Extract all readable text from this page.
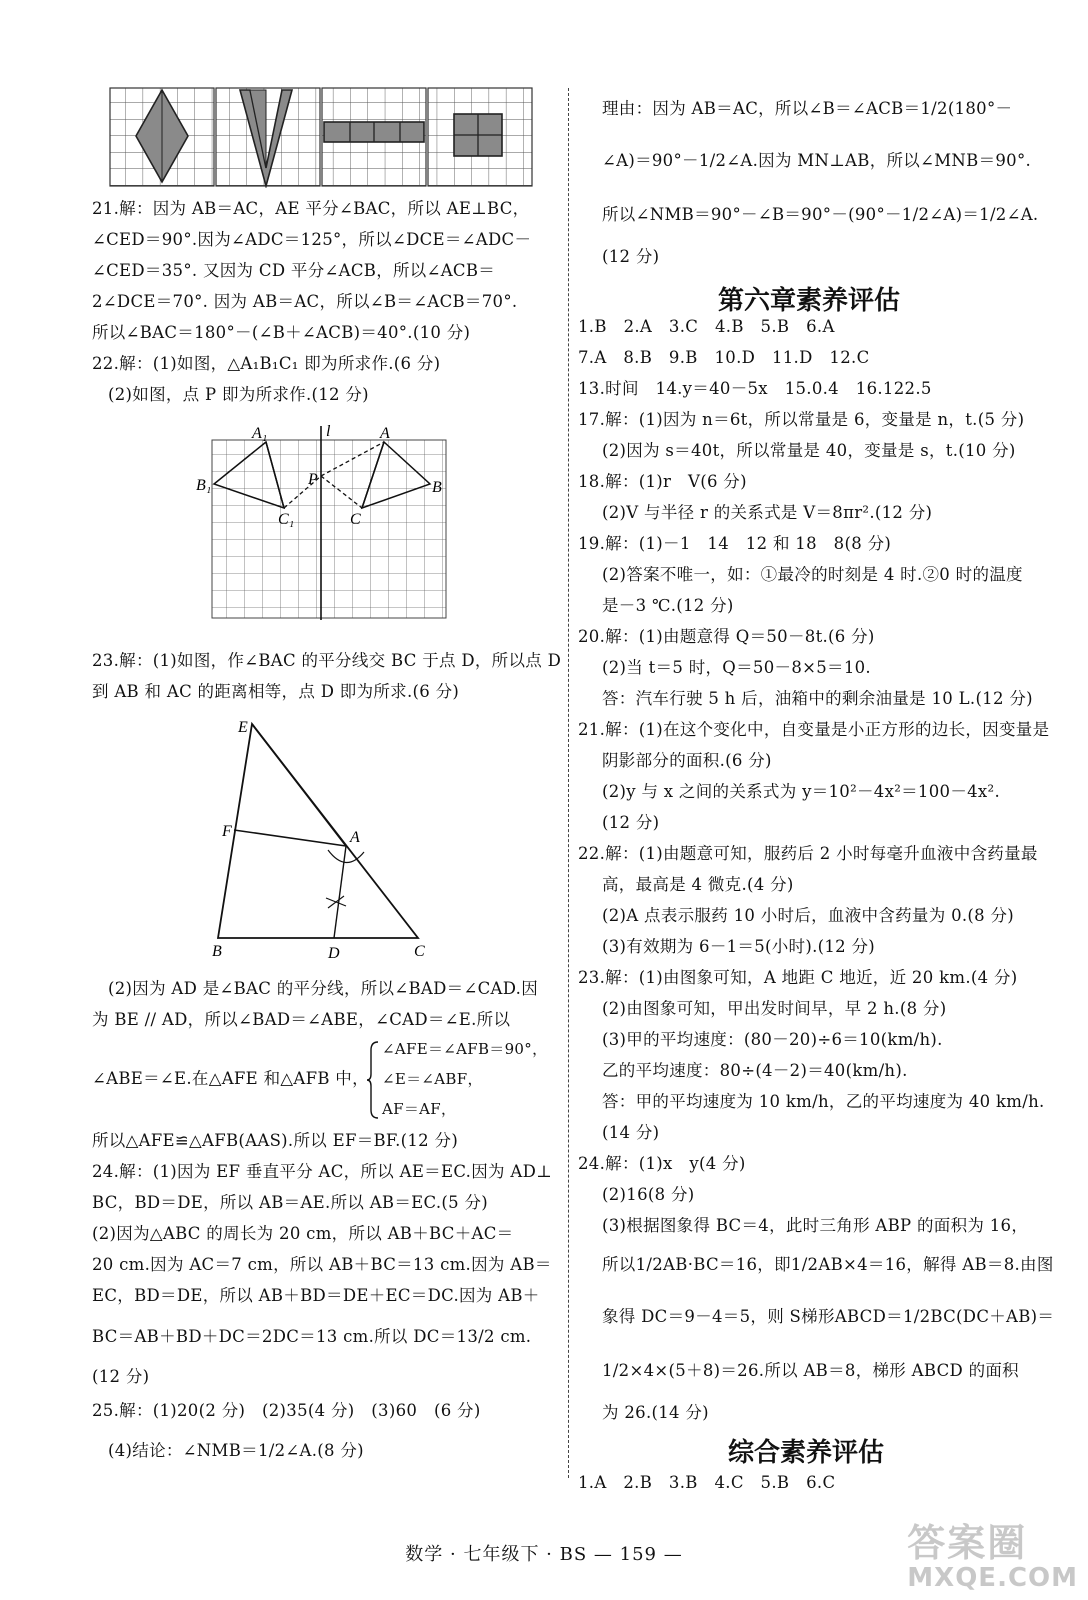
21.解：因为 AB＝AC，AE 平分∠BAC，所以 AE⊥BC，
∠CED＝90°.因为∠ADC＝125°，所以∠DCE＝∠ADC－
∠CED＝35°. 又因为 CD 平分∠ACB，所以∠ACB＝
2∠DCE＝70°. 因为 AB＝AC，所以∠B＝∠ACB＝70°.
所以∠BAC＝180°－(∠B＋∠ACB)＝40°.(10 分)
22.解：(1)如图，△A₁B₁C₁ 即为所求作.(6 分)
(2)如图，点 P 即为所求作.(12 分)
A₁	l	A
B₁	P	B
C₁	C
23.解：(1)如图，作∠BAC 的平分线交 BC 于点 D，所以点 D
到 AB 和 AC 的距离相等，点 D 即为所求.(6 分)
E
F	A
B	D	C
(2)因为 AD 是∠BAC 的平分线，所以∠BAD＝∠CAD.因
为 BE // AD，所以∠BAD＝∠ABE，∠CAD＝∠E.所以
∠ABE＝∠E.在△AFE 和△AFB 中，
∠AFE＝∠AFB＝90°，
∠E＝∠ABF，
AF＝AF，
所以△AFE≌△AFB(AAS).所以 EF＝BF.(12 分)
24.解：(1)因为 EF 垂直平分 AC，所以 AE＝EC.因为 AD⊥
BC，BD＝DE，所以 AB＝AE.所以 AB＝EC.(5 分)
(2)因为△ABC 的周长为 20 cm，所以 AB＋BC＋AC＝
20 cm.因为 AC＝7 cm，所以 AB＋BC＝13 cm.因为 AB＝
EC，BD＝DE，所以 AB＋BD＝DE＋EC＝DC.因为 AB＋
BC＝AB＋BD＋DC＝2DC＝13 cm.所以 DC＝13/2 cm.
(12 分)
25.解：(1)20(2 分)　(2)35(4 分)　(3)60　(6 分)
(4)结论：∠NMB＝1/2∠A.(8 分)
理由：因为 AB＝AC，所以∠B＝∠ACB＝1/2(180°－
∠A)＝90°－1/2∠A.因为 MN⊥AB，所以∠MNB＝90°.
所以∠NMB＝90°－∠B＝90°－(90°－1/2∠A)＝1/2∠A.
(12 分)
第六章素养评估
1.B　2.A　3.C　4.B　5.B　6.A
7.A　8.B　9.B　10.D　11.D　12.C
13.时间　14.y＝40－5x　15.0.4　16.122.5
17.解：(1)因为 n＝6t，所以常量是 6，变量是 n，t.(5 分)
(2)因为 s＝40t，所以常量是 40，变量是 s，t.(10 分)
18.解：(1)r　V(6 分)
(2)V 与半径 r 的关系式是 V＝8πr².(12 分)
19.解：(1)－1　14　12 和 18　8(8 分)
(2)答案不唯一，如：①最冷的时刻是 4 时.②0 时的温度
是－3 ℃.(12 分)
20.解：(1)由题意得 Q＝50－8t.(6 分)
(2)当 t＝5 时，Q＝50－8×5＝10.
答：汽车行驶 5 h 后，油箱中的剩余油量是 10 L.(12 分)
21.解：(1)在这个变化中，自变量是小正方形的边长，因变量是
阴影部分的面积.(6 分)
(2)y 与 x 之间的关系式为 y＝10²－4x²＝100－4x².
(12 分)
22.解：(1)由题意可知，服药后 2 小时每毫升血液中含药量最
高，最高是 4 微克.(4 分)
(2)A 点表示服药 10 小时后，血液中含药量为 0.(8 分)
(3)有效期为 6－1＝5(小时).(12 分)
23.解：(1)由图象可知，A 地距 C 地近，近 20 km.(4 分)
(2)由图象可知，甲出发时间早，早 2 h.(8 分)
(3)甲的平均速度：(80－20)÷6＝10(km/h).
乙的平均速度：80÷(4－2)＝40(km/h).
答：甲的平均速度为 10 km/h，乙的平均速度为 40 km/h.
(14 分)
24.解：(1)x　y(4 分)
(2)16(8 分)
(3)根据图象得 BC＝4，此时三角形 ABP 的面积为 16，
所以1/2AB·BC＝16，即1/2AB×4＝16，解得 AB＝8.由图
象得 DC＝9－4＝5，则 S梯形ABCD＝1/2BC(DC＋AB)＝
1/2×4×(5＋8)＝26.所以 AB＝8，梯形 ABCD 的面积
为 26.(14 分)
综合素养评估
1.A　2.B　3.B　4.C　5.B　6.C
数学 · 七年级下 · BS — 159 —	答案圈
MXQE.COM
